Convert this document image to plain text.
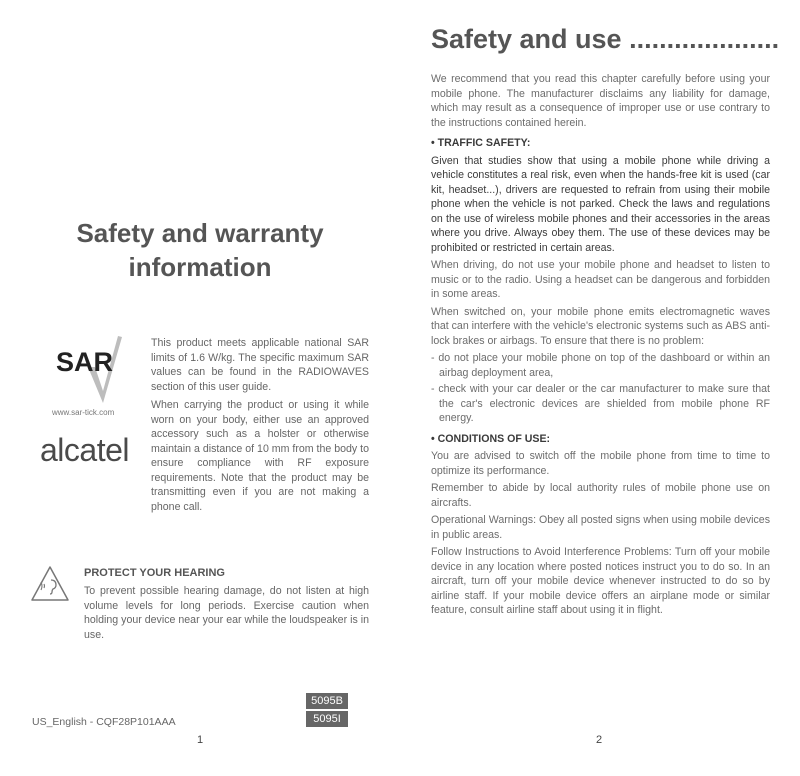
Safety and warranty information
SAR
www.sar-tick.com
alcatel

This product meets applicable national SAR limits of 1.6 W/kg. The specific maximum SAR values can be found in the RADIOWAVES section of this user guide.

When carrying the product or using it while worn on your body, either use an approved accessory such as a holster or otherwise maintain a distance of 10 mm from the body to ensure compliance with RF exposure requirements. Note that the product may be transmitting even if you are not making a phone call.

PROTECT YOUR HEARING
To prevent possible hearing damage, do not listen at high volume levels for long periods. Exercise caution when holding your device near your ear while the loudspeaker is in use.
5095B
5095I
US_English - CQF28P101AAA
1
Safety and use ....................

We recommend that you read this chapter carefully before using your mobile phone. The manufacturer disclaims any liability for damage, which may result as a consequence of improper use or use contrary to the instructions contained herein.

• TRAFFIC SAFETY:

Given that studies show that using a mobile phone while driving a vehicle constitutes a real risk, even when the hands-free kit is used (car kit, headset...), drivers are requested to refrain from using their mobile phone when the vehicle is not parked. Check the laws and regulations on the use of wireless mobile phones and their accessories in the areas where you drive. Always obey them. The use of these devices may be prohibited or restricted in certain areas.

When driving, do not use your mobile phone and headset to listen to music or to the radio. Using a headset can be dangerous and forbidden in some areas.

When switched on, your mobile phone emits electromagnetic waves that can interfere with the vehicle's electronic systems such as ABS anti-lock brakes or airbags. To ensure that there is no problem:

- do not place your mobile phone on top of the dashboard or within an airbag deployment area,
- check with your car dealer or the car manufacturer to make sure that the car's electronic devices are shielded from mobile phone RF energy.
• CONDITIONS OF USE:

You are advised to switch off the mobile phone from time to time to optimize its performance.

Remember to abide by local authority rules of mobile phone use on aircrafts.

Operational Warnings: Obey all posted signs when using mobile devices in public areas.

Follow Instructions to Avoid Interference Problems: Turn off your mobile device in any location where posted notices instruct you to do so. In an aircraft, turn off your mobile device whenever instructed to do so by airline staff. If your mobile device offers an airplane mode or similar feature, consult airline staff about using it in flight.

2
